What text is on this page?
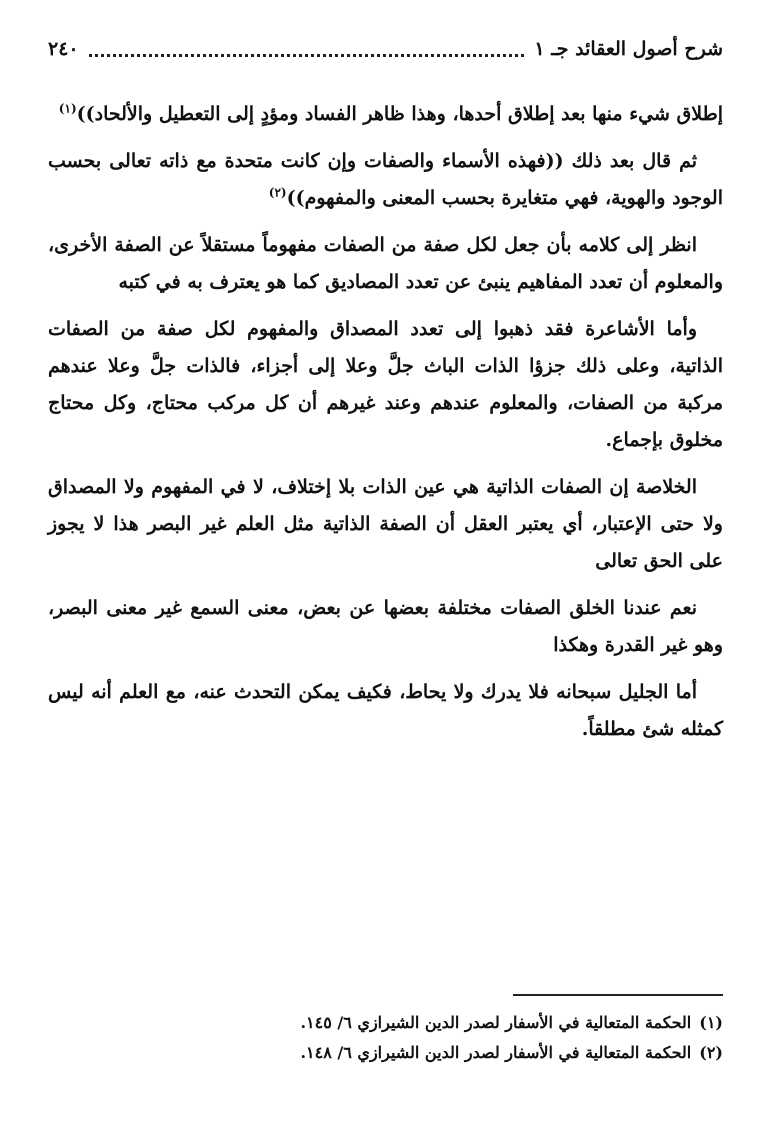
شرح أصول العقائد جـ ١
٢٤٠

إطلاق شيء منها بعد إطلاق أحدها، وهذا ظاهر الفساد ومؤدٍ إلى التعطيل والألحاد))$^{(١)}$

ثم قال بعد ذلك ((فهذه الأسماء والصفات وإن كانت متحدة مع ذاته تعالى بحسب الوجود والهوية، فهي متغايرة بحسب المعنى والمفهوم))$^{(٢)}$

انظر إلى كلامه بأن جعل لكل صفة من الصفات مفهوماً مستقلاً عن الصفة الأخرى، والمعلوم أن تعدد المفاهيم ينبئ عن تعدد المصاديق كما هو يعترف به في كتبه

وأما الأشاعرة فقد ذهبوا إلى تعدد المصداق والمفهوم لكل صفة من الصفات الذاتية، وعلى ذلك جزؤا الذات الباث جلَّ وعلا إلى أجزاء، فالذات جلَّ وعلا عندهم مركبة من الصفات، والمعلوم عندهم وعند غيرهم أن كل مركب محتاج، وكل محتاج مخلوق بإجماع.

الخلاصة إن الصفات الذاتية هي عين الذات بلا إختلاف، لا في المفهوم ولا المصداق ولا حتى الإعتبار، أي يعتبر العقل أن الصفة الذاتية مثل العلم غير البصر هذا لا يجوز على الحق تعالى

نعم عندنا الخلق الصفات مختلفة بعضها عن بعض، معنى السمع غير معنى البصر، وهو غير القدرة وهكذا

أما الجليل سبحانه فلا يدرك ولا يحاط، فكيف يمكن التحدث عنه، مع العلم أنه ليس كمثله شئ مطلقاً.

(١)
الحكمة المتعالية في الأسفار لصدر الدين الشيرازي ٦/ ١٤٥.
(٢)
الحكمة المتعالية في الأسفار لصدر الدين الشيرازي ٦/ ١٤٨.
